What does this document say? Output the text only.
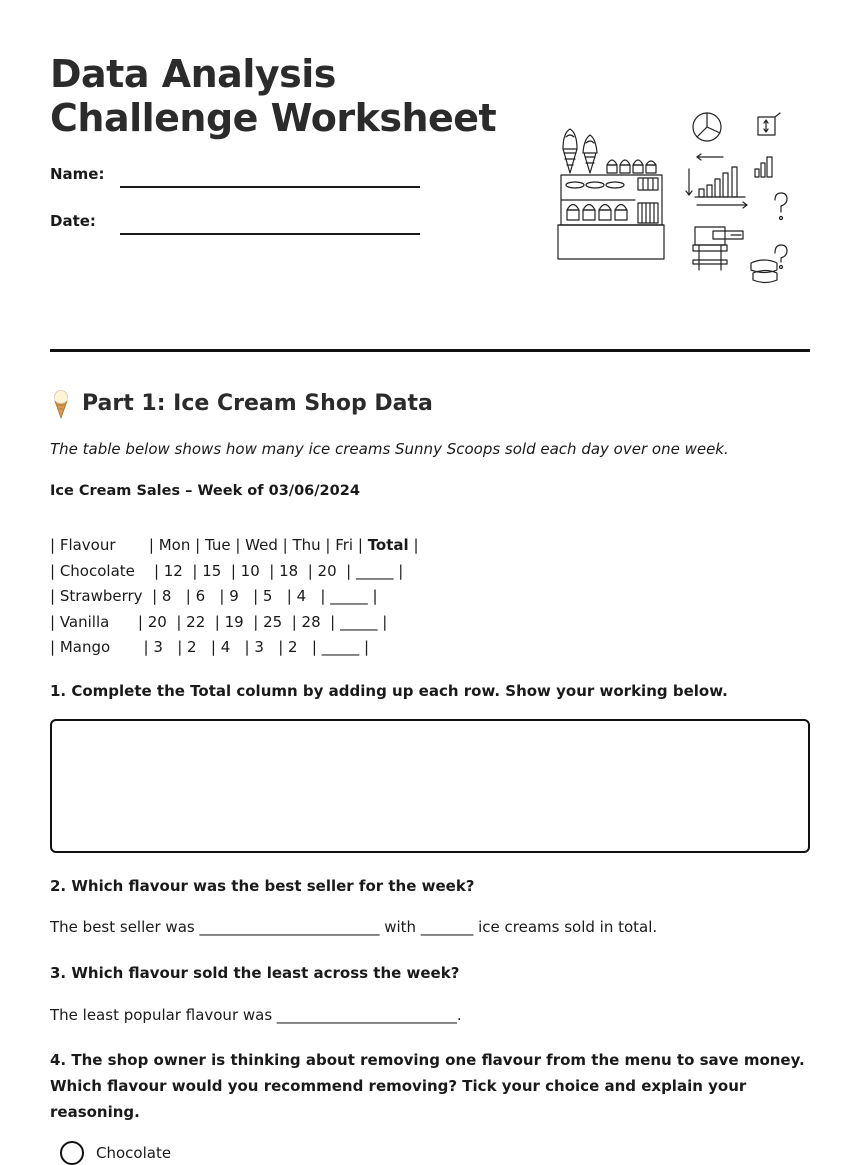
Data Analysis Challenge Worksheet
Name:
Date:
Part 1: Ice Cream Shop Data
The table below shows how many ice creams Sunny Scoops sold each day over one week.
Ice Cream Sales – Week of 03/06/2024
| Flavour       | Mon | Tue | Wed | Thu | Fri | Total |
| Chocolate    | 12  | 15  | 10  | 18  | 20  | _____ |
| Strawberry  | 8   | 6   | 9   | 5   | 4   | _____ |
| Vanilla      | 20  | 22  | 19  | 25  | 28  | _____ |
| Mango       | 3   | 2   | 4   | 3   | 2   | _____ |
1. Complete the Total column by adding up each row. Show your working below.
2. Which flavour was the best seller for the week?
The best seller was ________________________ with _______ ice creams sold in total.
3. Which flavour sold the least across the week?
The least popular flavour was ________________________.
4. The shop owner is thinking about removing one flavour from the menu to save money. Which flavour would you recommend removing? Tick your choice and explain your reasoning.
Chocolate
